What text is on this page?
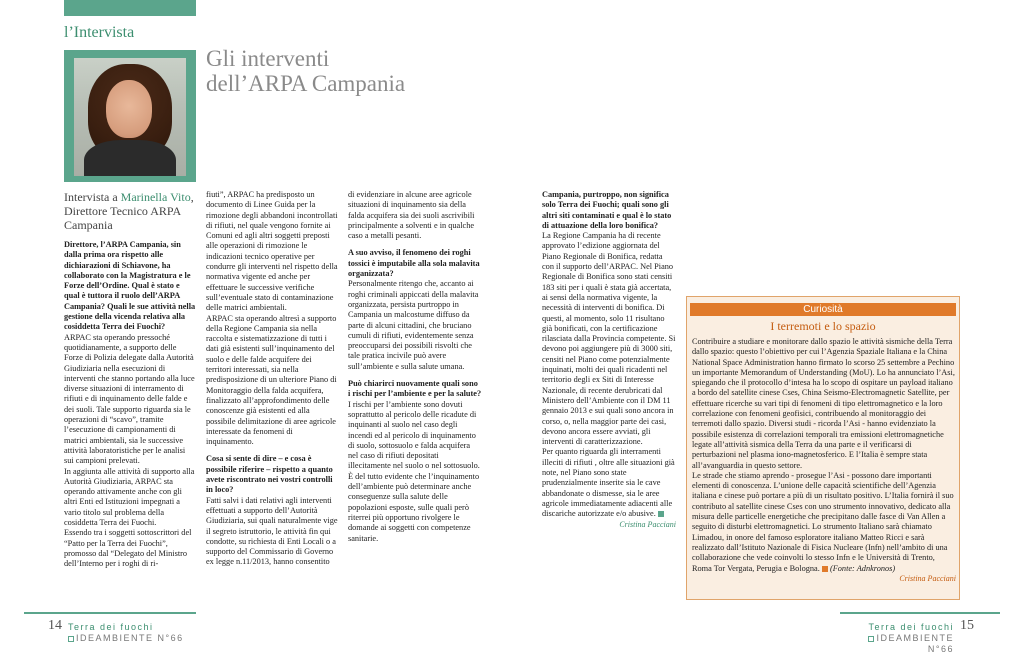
l’Intervista
Gli interventi
dell’ARPA Campania
Intervista a Marinella Vito, Direttore Tecnico ARPA Campania

Direttore, l’ARPA Campania, sin dalla prima ora rispetto alle dichiarazioni di Schiavone, ha collaborato con la Magistratura e le Forze dell’Ordine. Qual è stato e qual è tuttora il ruolo dell’ARPA Campania? Quali le sue attività nella gestione della vicenda relativa alla cosiddetta Terra dei Fuochi?

ARPAC sta operando pressoché quotidianamente, a supporto delle Forze di Polizia delegate dalla Autorità Giudiziaria nella esecuzioni di interventi che stanno portando alla luce diverse situazioni di interramento di rifiuti e di inquinamento delle falde e dei suoli. Tale supporto riguarda sia le operazioni di “scavo”, tramite l’esecuzione di campionamenti di matrici ambientali, sia le successive attività laboratoristiche per le analisi sui campioni prelevati.

In aggiunta alle attività di supporto alla Autorità Giudiziaria, ARPAC sta operando attivamente anche con gli altri Enti ed Istituzioni impegnati a vario titolo sul problema della cosiddetta Terra dei Fuochi.

Essendo tra i soggetti sottoscrittori del “Patto per la Terra dei Fuochi”, promosso dal “Delegato del Ministro dell’Interno per i roghi di ri-

fiuti”, ARPAC ha predisposto un documento di Linee Guida per la rimozione degli abbandoni incontrollati di rifiuti, nel quale vengono fornite ai Comuni ed agli altri soggetti preposti alle operazioni di rimozione le indicazioni tecnico operative per condurre gli interventi nel rispetto della normativa vigente ed anche per effettuare le successive verifiche sull’eventuale stato di contaminazione delle matrici ambientali.

ARPAC sta operando altresì a supporto della Regione Campania sia nella raccolta e sistematizzazione di tutti i dati già esistenti sull’inquinamento del suolo e delle falde acquifere dei territori interessati, sia nella predisposizione di un ulteriore Piano di Monitoraggio della falda acquifera, finalizzato all’approfondimento delle conoscenze già esistenti ed alla possibile delimitazione di aree agricole interessate da fenomeni di inquinamento.

Cosa si sente di dire – e cosa è possibile riferire – rispetto a quanto avete riscontrato nei vostri controlli in loco?

Fatti salvi i dati relativi agli interventi effettuati a supporto dell’Autorità Giudiziaria, sui quali naturalmente vige il segreto istruttorio, le attività fin qui condotte, su richiesta di Enti Locali o a supporto del Commissario di Governo ex legge n.11/2013, hanno consentito

di evidenziare in alcune aree agricole situazioni di inquinamento sia della falda acquifera sia dei suoli ascrivibili principalmente a solventi e in qualche caso a metalli pesanti.

A suo avviso, il fenomeno dei roghi tossici è imputabile alla sola malavita organizzata?

Personalmente ritengo che, accanto ai roghi criminali appiccati della malavita organizzata, persista purtroppo in Campania un malcostume diffuso da parte di alcuni cittadini, che bruciano cumuli di rifiuti, evidentemente senza preoccuparsi dei possibili risvolti che tale pratica incivile può avere sull’ambiente e sulla salute umana.

Può chiarirci nuovamente quali sono i rischi per l’ambiente e per la salute?

I rischi per l’ambiente sono dovuti soprattutto al pericolo delle ricadute di inquinanti al suolo nel caso degli incendi ed al pericolo di inquinamento di suolo, sottosuolo e falda acquifera nel caso di rifiuti depositati illecitamente nel suolo o nel sottosuolo. È del tutto evidente che l’inquinamento dell’ambiente può determinare anche conseguenze sulla salute delle popolazioni esposte, sulle quali però riterrei più opportuno rivolgere le domande ai soggetti con competenze sanitarie.

Campania, purtroppo, non significa solo Terra dei Fuochi; quali sono gli altri siti contaminati e qual è lo stato di attuazione della loro bonifica?

La Regione Campania ha di recente approvato l’edizione aggiornata del Piano Regionale di Bonifica, redatta con il supporto dell’ARPAC. Nel Piano Regionale di Bonifica sono stati censiti 183 siti per i quali è stata già accertata, ai sensi della normativa vigente, la necessità di interventi di bonifica. Di questi, al momento, solo 11 risultano già bonificati, con la certificazione rilasciata dalla Provincia competente. Si devono poi aggiungere più di 3000 siti, censiti nel Piano come potenzialmente inquinati, molti dei quali ricadenti nel territorio degli ex Siti di Interesse Nazionale, di recente derubricati dal Ministero dell’Ambiente con il DM 11 gennaio 2013 e sui quali sono ancora in corso, o, nella maggior parte dei casi, devono ancora essere avviati, gli interventi di caratterizzazione.

Per quanto riguarda gli interramenti illeciti di rifiuti , oltre alle situazioni già note, nel Piano sono state prudenzialmente inserite sia le cave abbandonate o dismesse, sia le aree agricole immediatamente adiacenti alle discariche autorizzate e/o abusive.

Cristina Pacciani

Curiosità
I terremoti e lo spazio

Contribuire a studiare e monitorare dallo spazio le attività sismiche della Terra dallo spazio: questo l’obiettivo per cui l’Agenzia Spaziale Italiana e la China National Space Administration hanno firmato lo scorso 25 settembre a Pechino un importante Memorandum of Understanding (MoU). Lo ha annunciato l’Asi, spiegando che il protocollo d’intesa ha lo scopo di ospitare un payload italiano a bordo del satellite cinese Cses, China Seismo-Electromagnetic Satellite, per effettuare ricerche su vari tipi di fenomeni di tipo elettromagnetico e la loro correlazione con fenomeni geofisici, contribuendo al monitoraggio dei terremoti dallo spazio. Diversi studi - ricorda l’Asi - hanno evidenziato la possibile esistenza di correlazioni temporali tra emissioni elettromagnetiche legate all’attività sismica della Terra da una parte e il verificarsi di perturbazioni nel plasma iono-magnetosferico. E l’Italia è sempre stata all’avanguardia in questo settore.

Le strade che stiamo aprendo - prosegue l’Asi - possono dare importanti elementi di conoscenza. L’unione delle capacità scientifiche dell’Agenzia italiana e cinese può portare a più di un risultato positivo. L’Italia fornirà il suo contributo al satellite cinese Cses con uno strumento innovativo, dedicato alla misura delle particelle energetiche che precipitano dalle fasce di Van Allen a seguito di disturbi elettromagnetici. Lo strumento Italiano sarà chiamato Limadou, in onore del famoso esploratore italiano Matteo Ricci e sarà realizzato dall’Istituto Nazionale di Fisica Nucleare (Infn) nell’ambito di una collaborazione che vede coinvolti lo stesso Infn e le Università di Trento, Roma Tor Vergata, Perugia e Bologna. (Fonte: Adnkronos)

Cristina Pacciani

14 Terra dei fuochi
IDEAMBIENTE N°66
Terra dei fuochi
IDEAMBIENTE N°66
15
